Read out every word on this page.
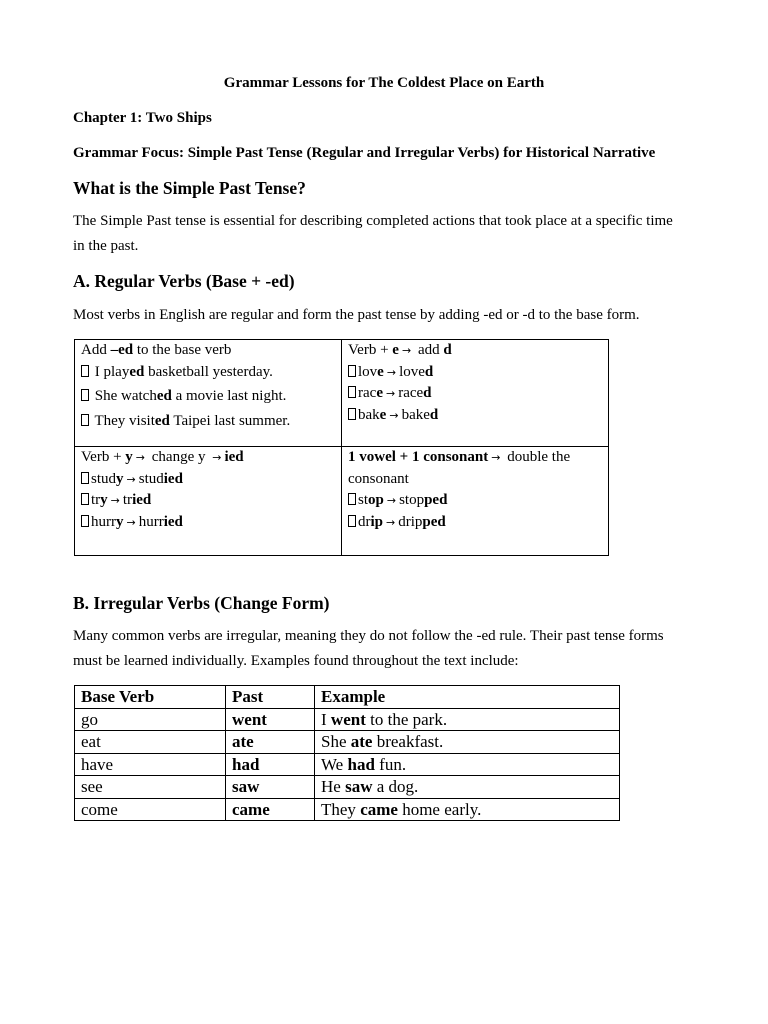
Grammar Lessons for The Coldest Place on Earth

Chapter 1: Two Ships

Grammar Focus: Simple Past Tense (Regular and Irregular Verbs) for Historical Narrative

What is the Simple Past Tense?

The Simple Past tense is essential for describing completed actions that took place at a specific time
in the past.

A. Regular Verbs (Base + -ed)

Most verbs in English are regular and form the past tense by adding -ed or -d to the base form.

Add –ed to the base verb
I played basketball yesterday.
She watched a movie last night.
They visited Taipei last summer.
Verb + e → add d
love → loved
race → raced
bake → baked
Verb + y → change y → ied
study → studied
try → tried
hurry → hurried
1 vowel + 1 consonant → double the
consonant
stop → stopped
drip → dripped

B. Irregular Verbs (Change Form)

Many common verbs are irregular, meaning they do not follow the -ed rule. Their past tense forms
must be learned individually. Examples found throughout the text include:

Base Verb	Past	Example
go	went	I went to the park.
eat	ate	She ate breakfast.
have	had	We had fun.
see	saw	He saw a dog.
come	came	They came home early.
